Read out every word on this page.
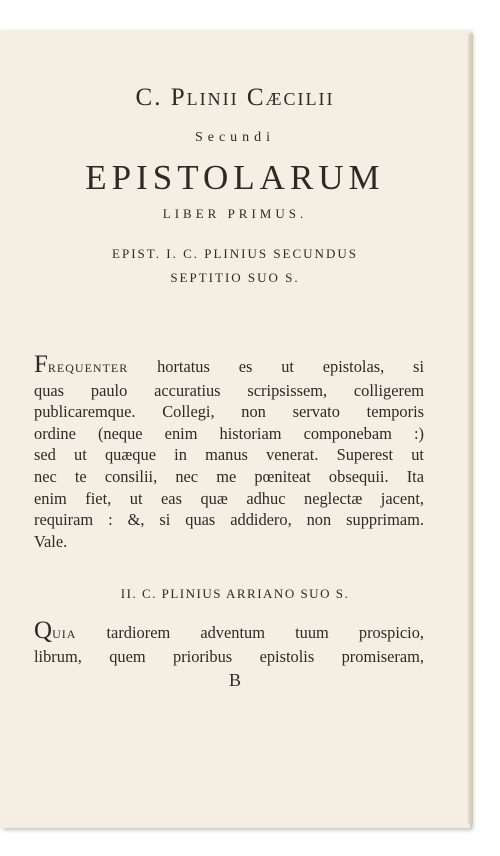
C. Plinii Cæcilii
Secundi
EPISTOLARUM
LIBER PRIMUS.
EPIST. I. C. PLINIUS SECUNDUS
SEPTITIO SUO S.
FREQUENTER hortatus es ut epistolas, si
quas paulo accuratius scripsissem, colligerem
publicaremque. Collegi, non servato temporis
ordine (neque enim historiam componebam :)
sed ut quæque in manus venerat. Superest ut
nec te consilii, nec me pœniteat obsequii. Ita
enim fiet, ut eas quæ adhuc neglectæ jacent,
requiram : &, si quas addidero, non supprimam.
Vale.
II. C. PLINIUS ARRIANO SUO S.
QUIA tardiorem adventum tuum prospicio,
librum, quem prioribus epistolis promiseram,
B
